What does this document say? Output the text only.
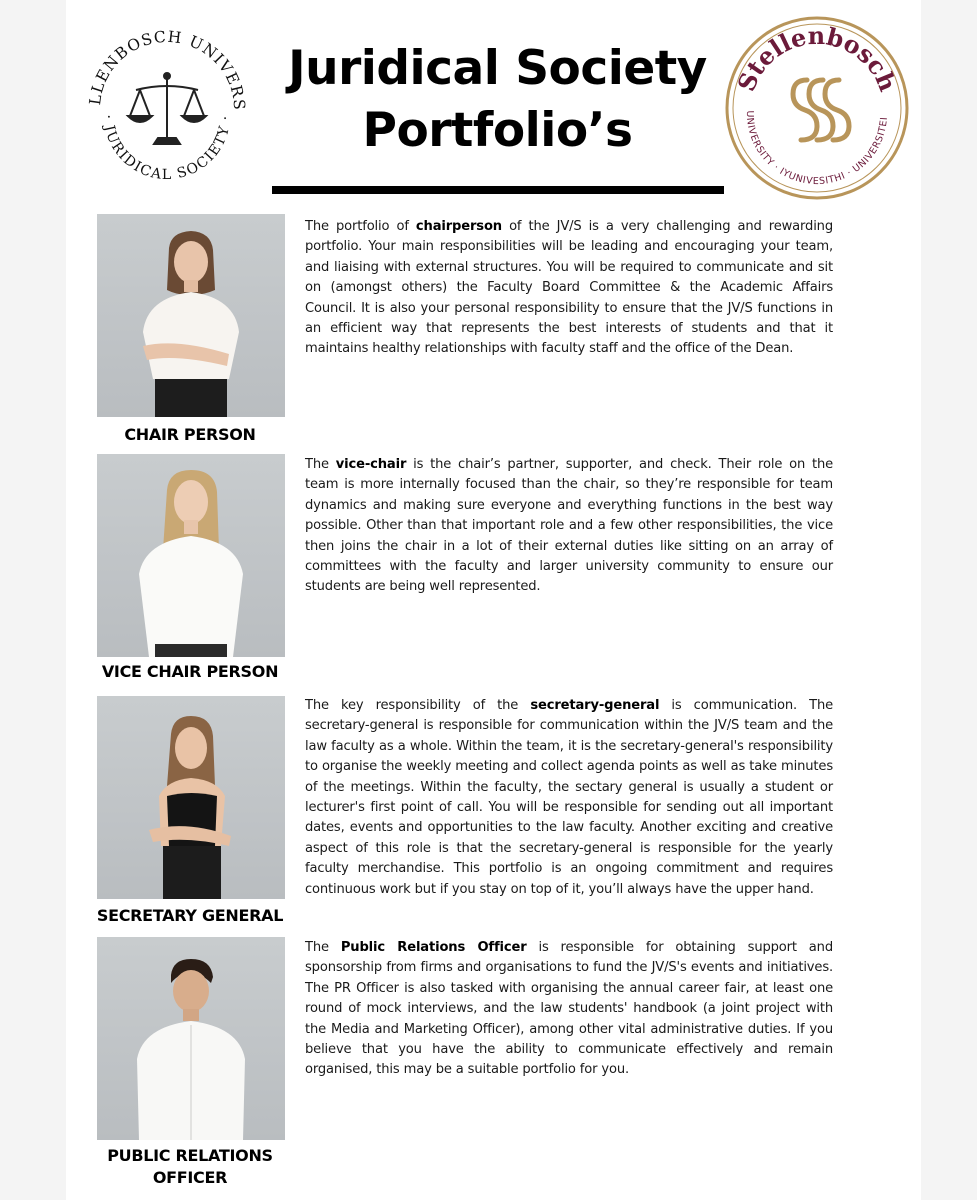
LLENBOSCH UNIVERS
· JURIDICAL SOCIETY ·
Juridical Society
Portfolio’s
Stellenbosch
UNIVERSITY · IYUNIVESITHI · UNIVERSITEI
CHAIR PERSON
The portfolio of chairperson of the JV/S is a very challenging and rewarding portfolio. Your main responsibilities will be leading and encouraging your team, and liaising with external structures. You will be required to communicate and sit on (amongst others) the Faculty Board Committee & the Academic Affairs Council. It is also your personal responsibility to ensure that the JV/S functions in an efficient way that represents the best interests of students and that it maintains healthy relationships with faculty staff and the office of the Dean.
VICE CHAIR PERSON
The vice-chair is the chair’s partner, supporter, and check. Their role on the team is more internally focused than the chair, so they’re responsible for team dynamics and making sure everyone and everything functions in the best way possible. Other than that important role and a few other responsibilities, the vice then joins the chair in a lot of their external duties like sitting on an array of committees with the faculty and larger university community to ensure our students are being well represented.
SECRETARY GENERAL
The key responsibility of the secretary-general is communication. The secretary-general is responsible for communication within the JV/S team and the law faculty as a whole. Within the team, it is the secretary-general's responsibility to organise the weekly meeting and collect agenda points as well as take minutes of the meetings. Within the faculty, the sectary general is usually a student or lecturer's first point of call. You will be responsible for sending out all important dates, events and opportunities to the law faculty. Another exciting and creative aspect of this role is that the secretary-general is responsible for the yearly faculty merchandise. This portfolio is an ongoing commitment and requires continuous work but if you stay on top of it, you’ll always have the upper hand.
PUBLIC RELATIONS
OFFICER
The Public Relations Officer is responsible for obtaining support and sponsorship from firms and organisations to fund the JV/S's events and initiatives. The PR Officer is also tasked with organising the annual career fair, at least one round of mock interviews, and the law students' handbook (a joint project with the Media and Marketing Officer), among other vital administrative duties. If you believe that you have the ability to communicate effectively and remain organised, this may be a suitable portfolio for you.
